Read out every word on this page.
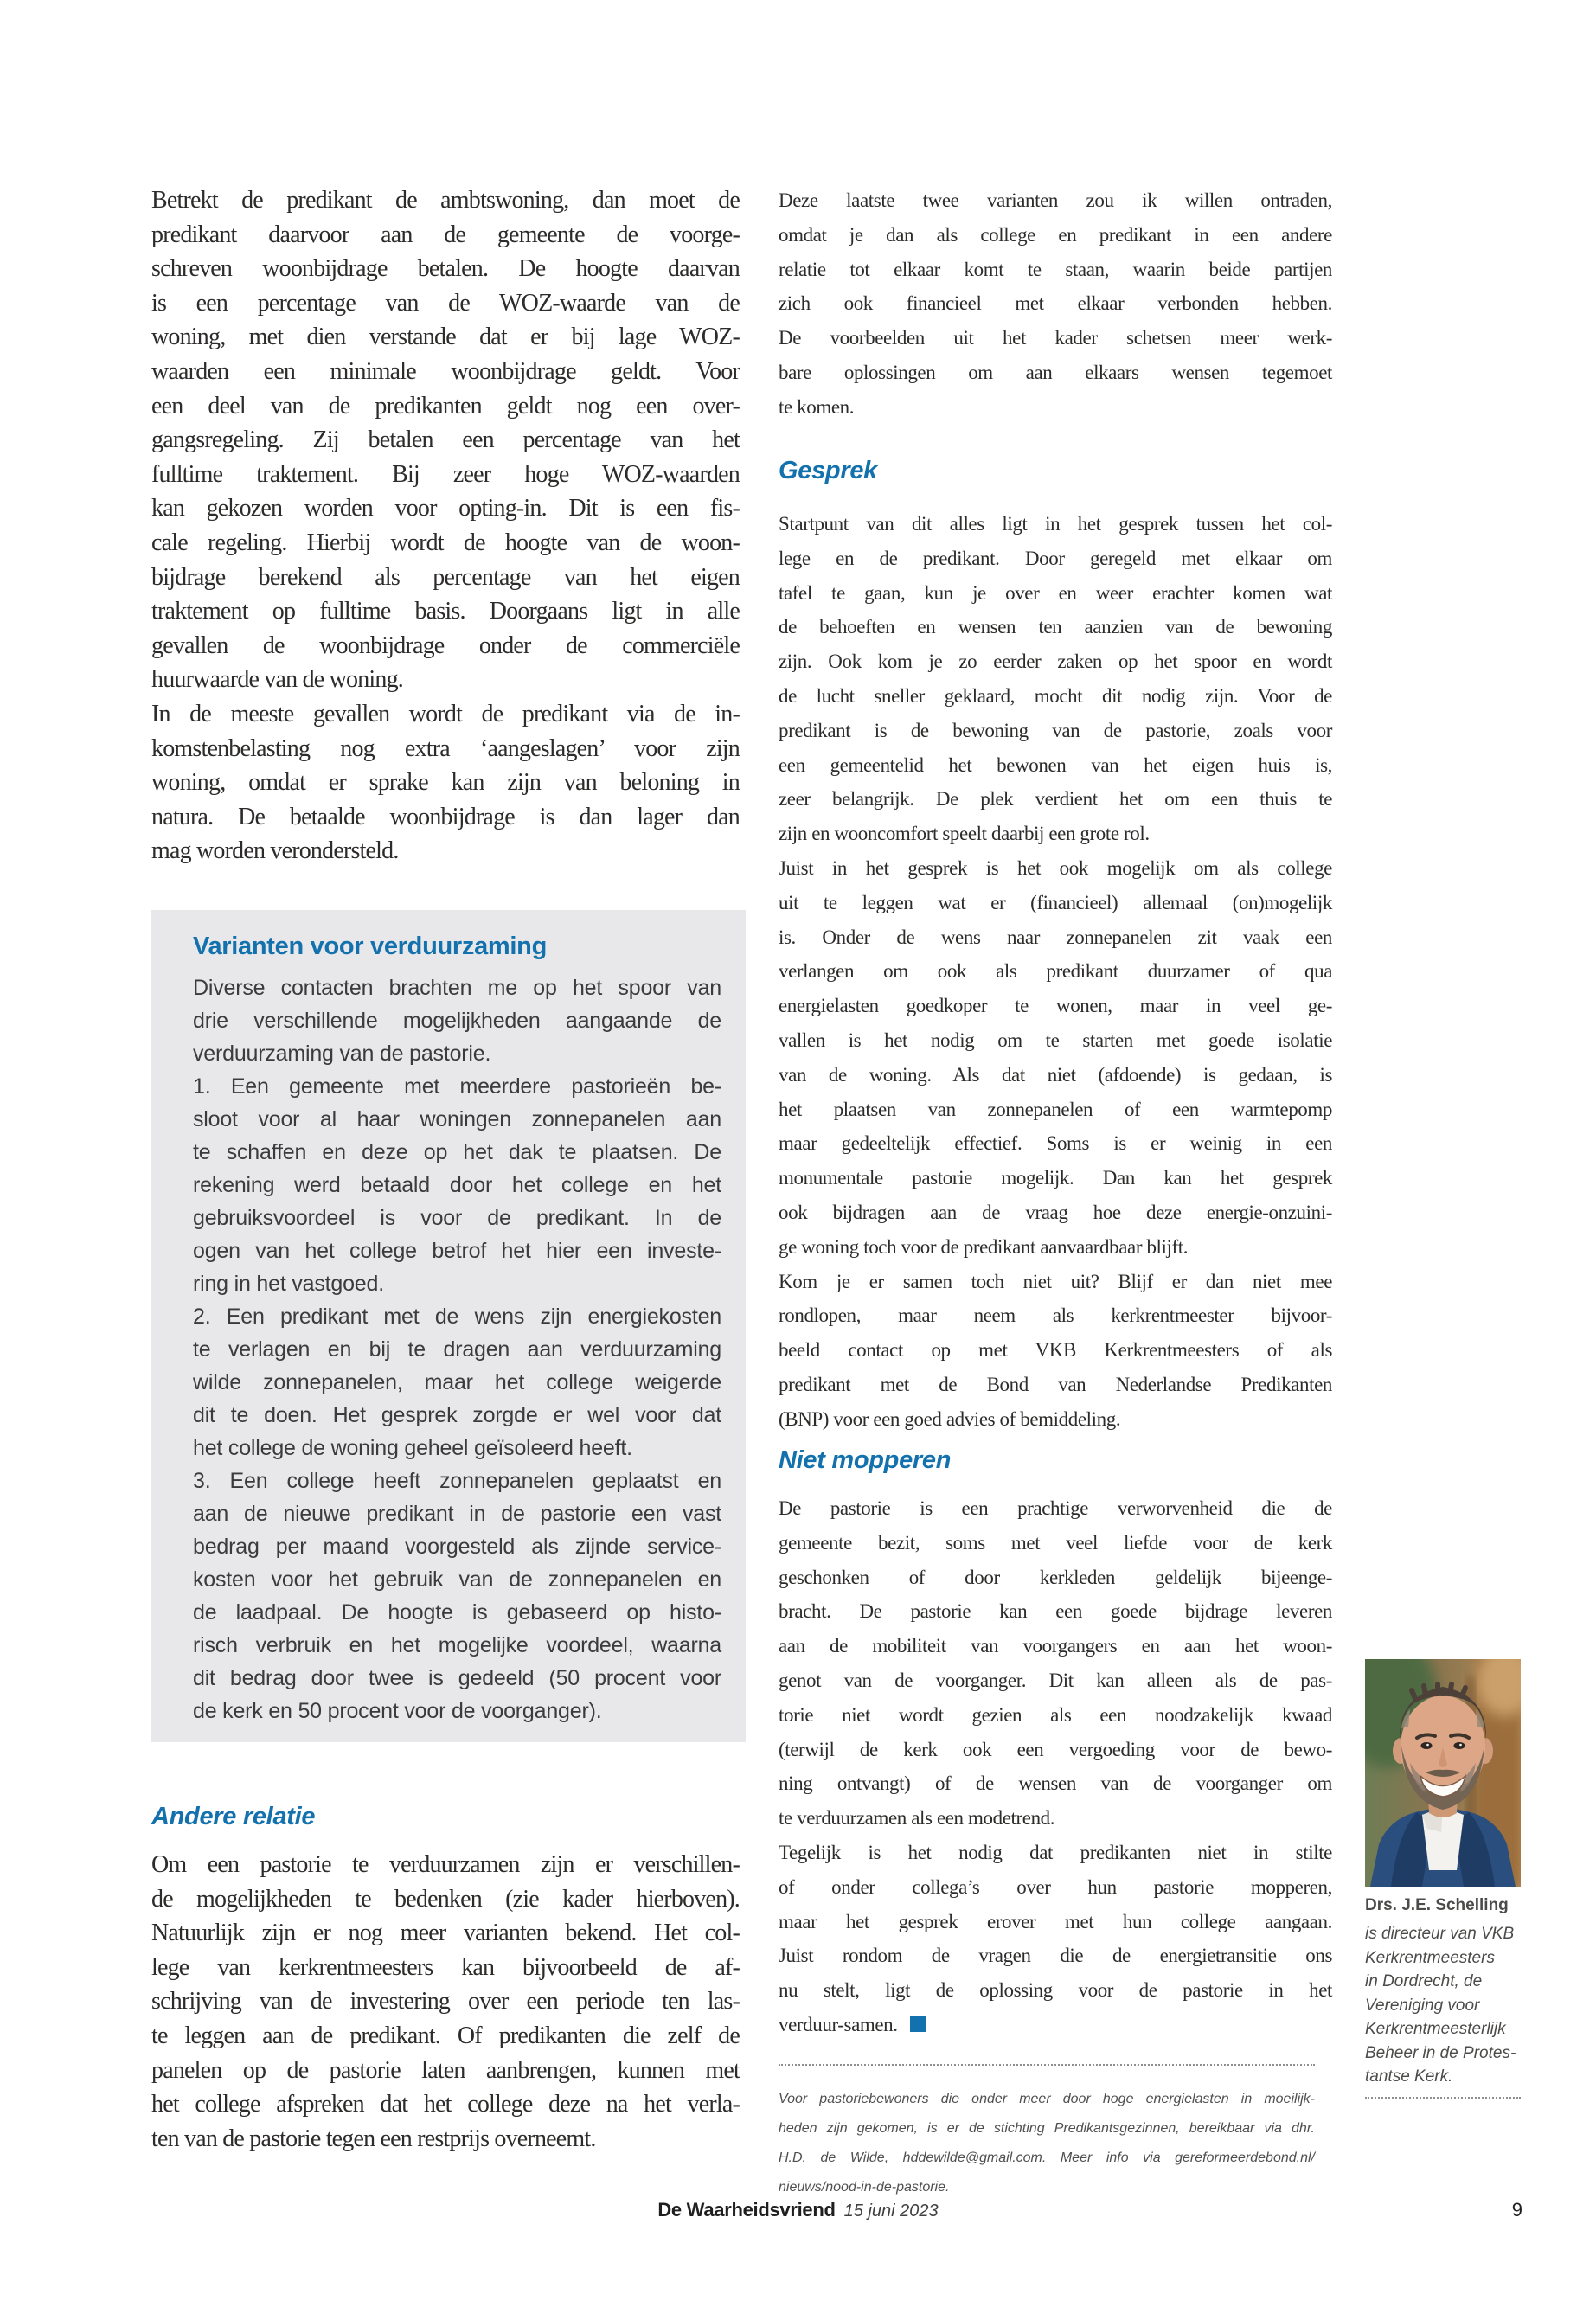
Betrekt de predikant de ambtswoning, dan moet de
predikant daarvoor aan de gemeente de voorge-
schreven woonbijdrage betalen. De hoogte daarvan
is een percentage van de WOZ-waarde van de
woning, met dien verstande dat er bij lage WOZ-
waarden een minimale woonbijdrage geldt. Voor
een deel van de predikanten geldt nog een over-
gangsregeling. Zij betalen een percentage van het
fulltime traktement. Bij zeer hoge WOZ-waarden
kan gekozen worden voor opting-in. Dit is een fis-
cale regeling. Hierbij wordt de hoogte van de woon-
bijdrage berekend als percentage van het eigen
traktement op fulltime basis. Doorgaans ligt in alle
gevallen de woonbijdrage onder de commerciële
huurwaarde van de woning.
In de meeste gevallen wordt de predikant via de in-
komstenbelasting nog extra ‘aangeslagen’ voor zijn
woning, omdat er sprake kan zijn van beloning in
natura. De betaalde woonbijdrage is dan lager dan
mag worden verondersteld.
Varianten voor verduurzaming
Diverse contacten brachten me op het spoor van
drie verschillende mogelijkheden aangaande de
verduurzaming van de pastorie.
1. Een gemeente met meerdere pastorieën be-
sloot voor al haar woningen zonnepanelen aan
te schaffen en deze op het dak te plaatsen. De
rekening werd betaald door het college en het
gebruiksvoordeel is voor de predikant. In de
ogen van het college betrof het hier een investe-
ring in het vastgoed.
2. Een predikant met de wens zijn energiekosten
te verlagen en bij te dragen aan verduurzaming
wilde zonnepanelen, maar het college weigerde
dit te doen. Het gesprek zorgde er wel voor dat
het college de woning geheel geïsoleerd heeft.
3. Een college heeft zonnepanelen geplaatst en
aan de nieuwe predikant in de pastorie een vast
bedrag per maand voorgesteld als zijnde service-
kosten voor het gebruik van de zonnepanelen en
de laadpaal. De hoogte is gebaseerd op histo-
risch verbruik en het mogelijke voordeel, waarna
dit bedrag door twee is gedeeld (50 procent voor
de kerk en 50 procent voor de voorganger).
Andere relatie
Om een pastorie te verduurzamen zijn er verschillen-
de mogelijkheden te bedenken (zie kader hierboven).
Natuurlijk zijn er nog meer varianten bekend. Het col-
lege van kerkrentmeesters kan bijvoorbeeld de af-
schrijving van de investering over een periode ten las-
te leggen aan de predikant. Of predikanten die zelf de
panelen op de pastorie laten aanbrengen, kunnen met
het college afspreken dat het college deze na het verla-
ten van de pastorie tegen een restprijs overneemt.
Deze laatste twee varianten zou ik willen ontraden,
omdat je dan als college en predikant in een andere
relatie tot elkaar komt te staan, waarin beide partijen
zich ook financieel met elkaar verbonden hebben.
De voorbeelden uit het kader schetsen meer werk-
bare oplossingen om aan elkaars wensen tegemoet
te komen.
Gesprek
Startpunt van dit alles ligt in het gesprek tussen het col-
lege en de predikant. Door geregeld met elkaar om
tafel te gaan, kun je over en weer erachter komen wat
de behoeften en wensen ten aanzien van de bewoning
zijn. Ook kom je zo eerder zaken op het spoor en wordt
de lucht sneller geklaard, mocht dit nodig zijn. Voor de
predikant is de bewoning van de pastorie, zoals voor
een gemeentelid het bewonen van het eigen huis is,
zeer belangrijk. De plek verdient het om een thuis te
zijn en wooncomfort speelt daarbij een grote rol.
Juist in het gesprek is het ook mogelijk om als college
uit te leggen wat er (financieel) allemaal (on)mogelijk
is. Onder de wens naar zonnepanelen zit vaak een
verlangen om ook als predikant duurzamer of qua
energielasten goedkoper te wonen, maar in veel ge-
vallen is het nodig om te starten met goede isolatie
van de woning. Als dat niet (afdoende) is gedaan, is
het plaatsen van zonnepanelen of een warmtepomp
maar gedeeltelijk effectief. Soms is er weinig in een
monumentale pastorie mogelijk. Dan kan het gesprek
ook bijdragen aan de vraag hoe deze energie-onzuini-
ge woning toch voor de predikant aanvaardbaar blijft.
Kom je er samen toch niet uit? Blijf er dan niet mee
rondlopen, maar neem als kerkrentmeester bijvoor-
beeld contact op met VKB Kerkrentmeesters of als
predikant met de Bond van Nederlandse Predikanten
(BNP) voor een goed advies of bemiddeling.
Niet mopperen
De pastorie is een prachtige verworvenheid die de
gemeente bezit, soms met veel liefde voor de kerk
geschonken of door kerkleden geldelijk bijeenge-
bracht. De pastorie kan een goede bijdrage leveren
aan de mobiliteit van voorgangers en aan het woon-
genot van de voorganger. Dit kan alleen als de pas-
torie niet wordt gezien als een noodzakelijk kwaad
(terwijl de kerk ook een vergoeding voor de bewo-
ning ontvangt) of de wensen van de voorganger om
te verduurzamen als een modetrend.
Tegelijk is het nodig dat predikanten niet in stilte
of onder collega’s over hun pastorie mopperen,
maar het gesprek erover met hun college aangaan.
Juist rondom de vragen die de energietransitie ons
nu stelt, ligt de oplossing voor de pastorie in het
verduur-samen.
Voor pastoriebewoners die onder meer door hoge energielasten in moeilijk-
heden zijn gekomen, is er de stichting Predikantsgezinnen, bereikbaar via dhr.
H.D. de Wilde, hddewilde@gmail.com. Meer info via gereformeerdebond.nl/
nieuws/nood-in-de-pastorie.
Drs. J.E. Schelling
is directeur van VKB
Kerkrentmeesters
in Dordrecht, de
Vereniging voor
Kerkrentmeesterlijk
Beheer in de Protes-
tantse Kerk.
De Waarheidsvriend 15 juni 2023	9
